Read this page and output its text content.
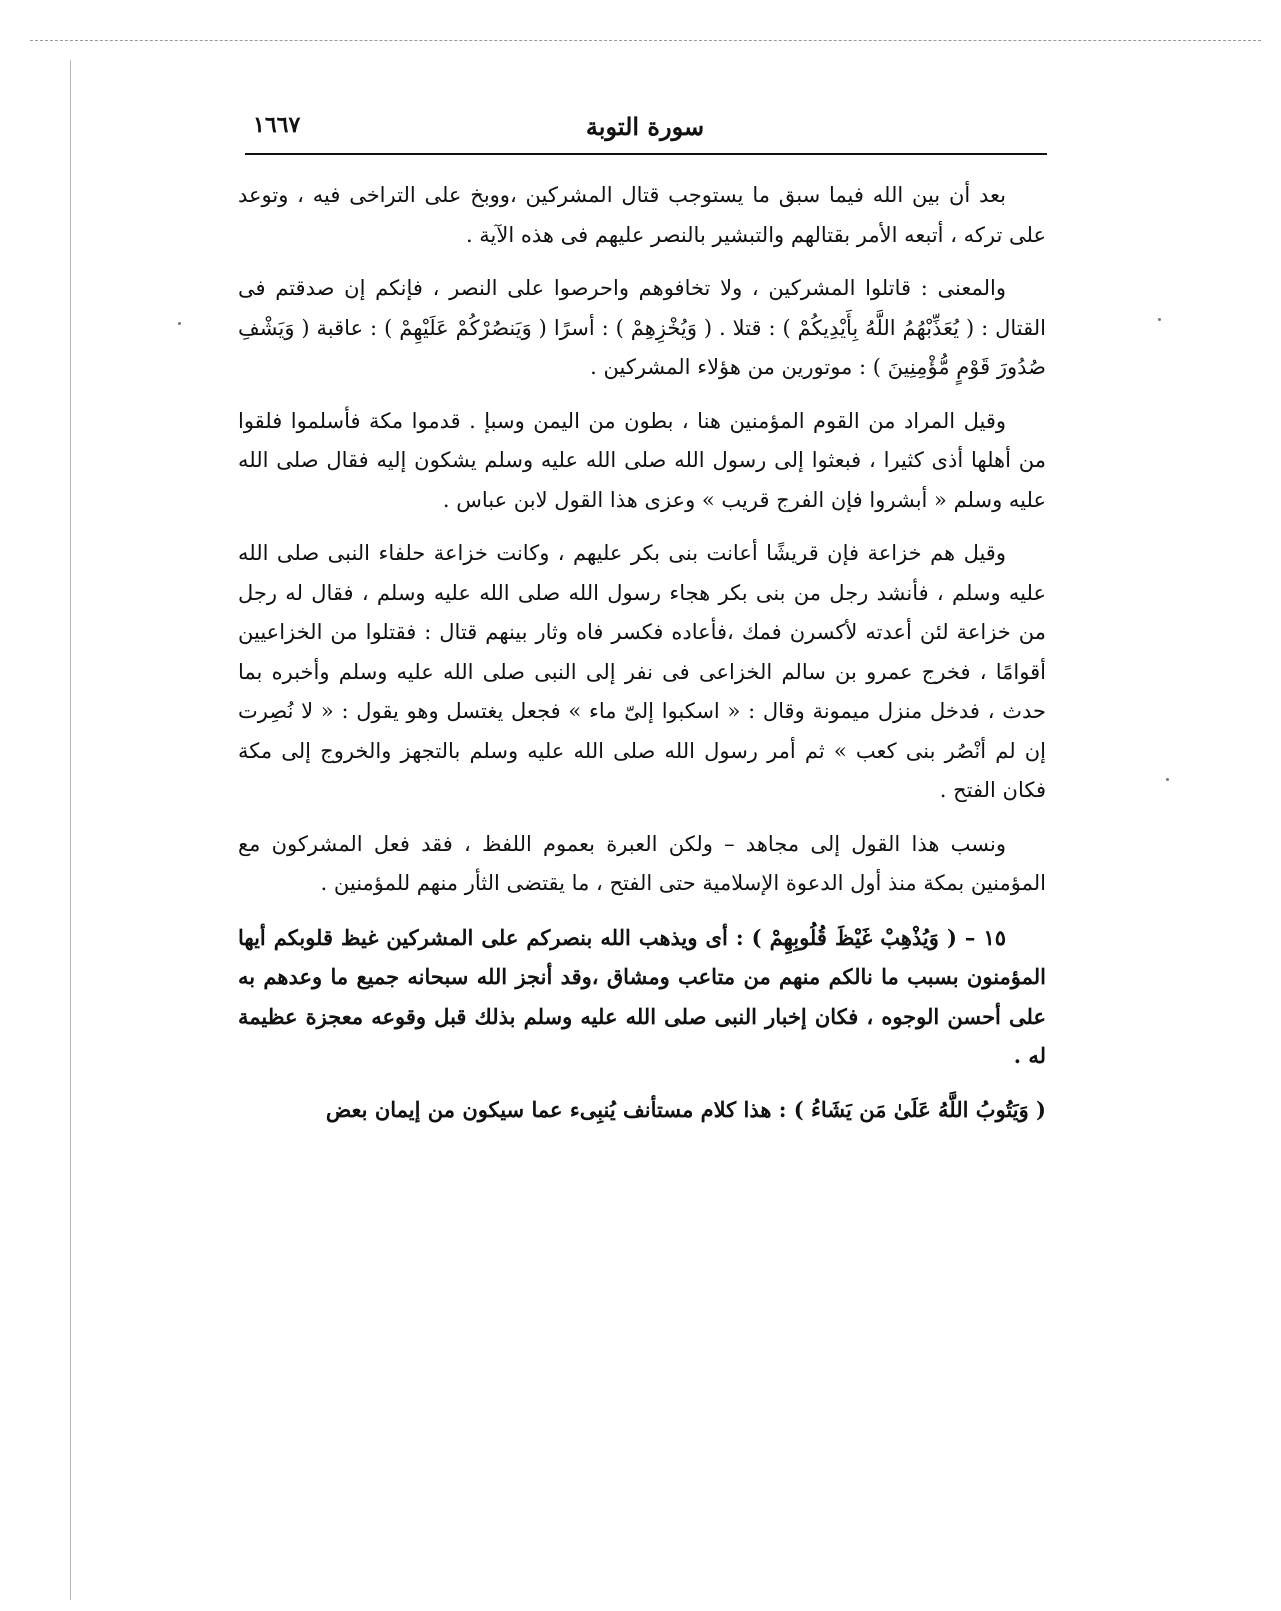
سورة التوبة
١٦٦٧

بعد أن بين الله فيما سبق ما يستوجب قتال المشركين ،ووبخ على التراخى فيه ، وتوعد على تركه ، أتبعه الأمر بقتالهم والتبشير بالنصر عليهم فى هذه الآية .

والمعنى : قاتلوا المشركين ، ولا تخافوهم واحرصوا على النصر ، فإنكم إن صدقتم فى القتال : ( يُعَذِّبْهُمُ اللَّهُ بِأَيْدِيكُمْ ) : قتلا . ( وَيُخْزِهِمْ ) : أسرًا ( وَيَنصُرْكُمْ عَلَيْهِمْ ) : عاقبة ( وَيَشْفِ صُدُورَ قَوْمٍ مُّؤْمِنِينَ ) : موتورين من هؤلاء المشركين .

وقيل المراد من القوم المؤمنين هنا ، بطون من اليمن وسبإ . قدموا مكة فأسلموا فلقوا من أهلها أذى كثيرا ، فبعثوا إلى رسول الله صلى الله عليه وسلم يشكون إليه فقال صلى الله عليه وسلم « أبشروا فإن الفرج قريب » وعزى هذا القول لابن عباس .

وقيل هم خزاعة فإن قريشًا أعانت بنى بكر عليهم ، وكانت خزاعة حلفاء النبى صلى الله عليه وسلم ، فأنشد رجل من بنى بكر هجاء رسول الله صلى الله عليه وسلم ، فقال له رجل من خزاعة لئن أعدته لأكسرن فمك ،فأعاده فكسر فاه وثار بينهم قتال : فقتلوا من الخزاعيين أقوامًا ، فخرج عمرو بن سالم الخزاعى فى نفر إلى النبى صلى الله عليه وسلم وأخبره بما حدث ، فدخل منزل ميمونة وقال : « اسكبوا إلىّ ماء » فجعل يغتسل وهو يقول : « لا نُصِرت إن لم أنْصُر بنى كعب » ثم أمر رسول الله صلى الله عليه وسلم بالتجهز والخروج إلى مكة فكان الفتح .

ونسب هذا القول إلى مجاهد – ولكن العبرة بعموم اللفظ ، فقد فعل المشركون مع المؤمنين بمكة منذ أول الدعوة الإسلامية حتى الفتح ، ما يقتضى الثأر منهم للمؤمنين .

١٥ – ( وَيُذْهِبْ غَيْظَ قُلُوبِهِمْ ) : أى ويذهب الله بنصركم على المشركين غيظ قلوبكم أيها المؤمنون بسبب ما نالكم منهم من متاعب ومشاق ،وقد أنجز الله سبحانه جميع ما وعدهم به على أحسن الوجوه ، فكان إخبار النبى صلى الله عليه وسلم بذلك قبل وقوعه معجزة عظيمة له .

( وَيَتُوبُ اللَّهُ عَلَىٰ مَن يَشَاءُ ) : هذا كلام مستأنف يُنبِىء عما سيكون من إيمان بعض
